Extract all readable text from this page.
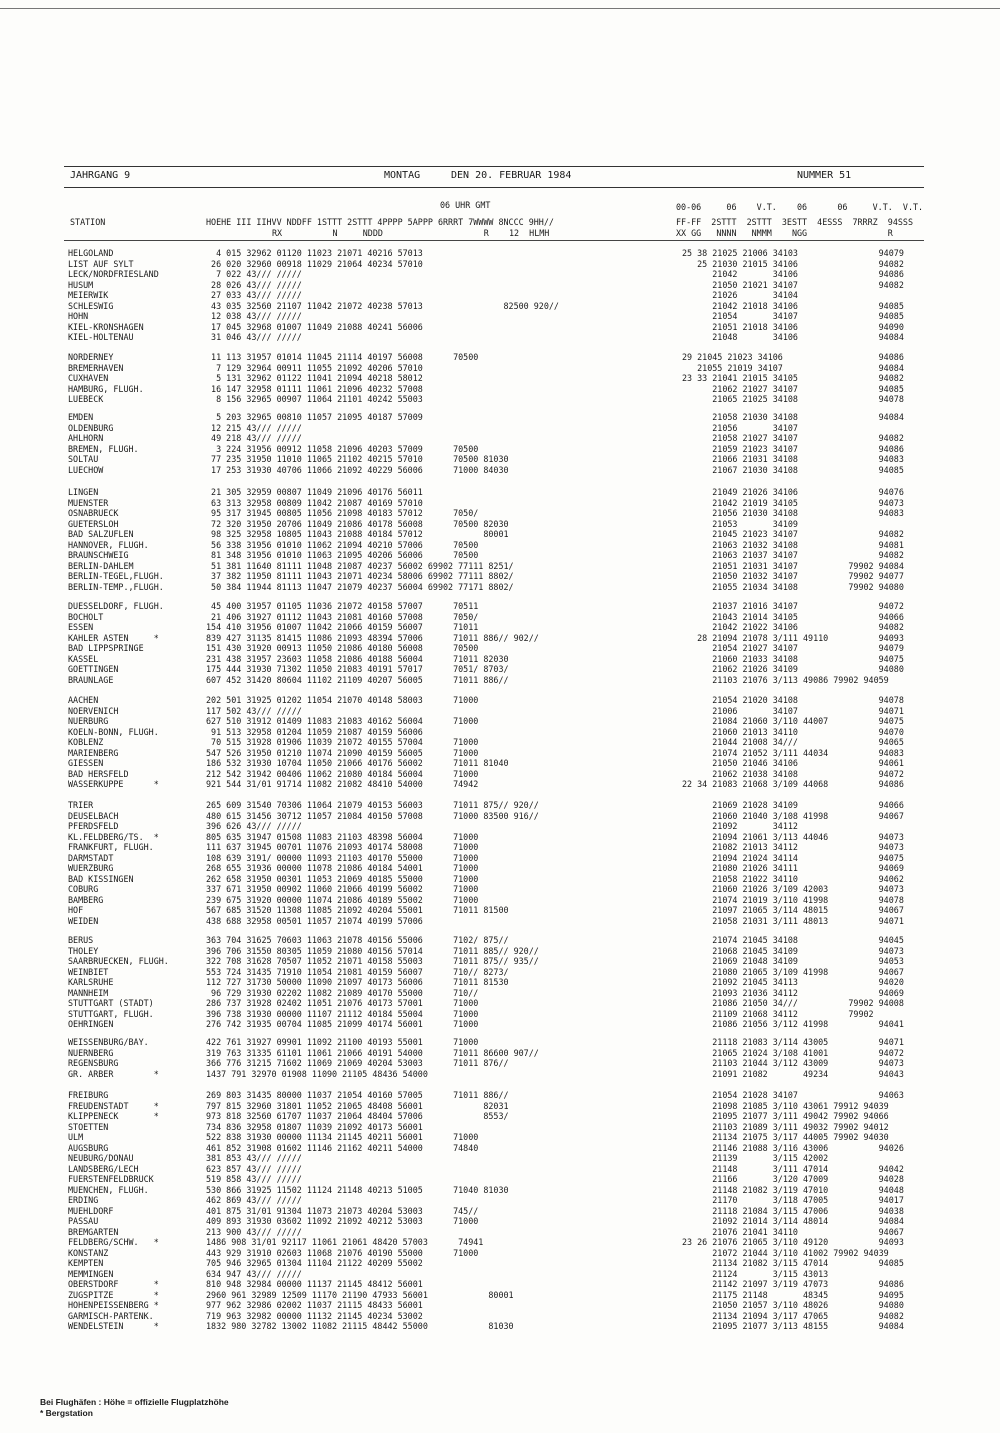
JAHRGANG 9	MONTAG	DEN 20. FEBRUAR 1984	NUMMER 51
06 UHR GMT	00-06     06    V.T.    06      06     V.T.  V.T.
STATION	HOEHE III IIHVV NDDFF 1STTT 2STTT 4PPPP 5APPP 6RRRT 7WWWW 8NCCC 9HH//	FF-FF  2STTT  2STTT  3ESTT  4ESSS  7RRRZ  94SSS
RX          N     NDDD                    R    12  HLMH	XX GG   NNNN   NMMM    NGG                R
HELGOLAND	4 015 32962 01120 11023 21071 40216 57013	25 38 21025 21006 34103                94079
LIST AUF SYLT	26 020 32960 00918 11029 21064 40234 57010	25 21030 21015 34106                94082
LECK/NORDFRIESLAND	7 022 43/// /////	21042       34106                94086
HUSUM	28 026 43/// /////	21050 21021 34107                94082
MEIERWIK	27 033 43/// /////	21026       34104
SCHLESWIG	43 035 32560 21107 11042 21072 40238 57013                82500 920//	21042 21018 34106                94085
HOHN	12 038 43/// /////	21054       34107                94085
KIEL-KRONSHAGEN	17 045 32968 01007 11049 21088 40241 56006	21051 21018 34106                94090
KIEL-HOLTENAU	31 046 43/// /////	21048       34106                94084
NORDERNEY	11 113 31957 01014 11045 21114 40197 56008      70500	29 21045 21023 34106                   94086
BREMERHAVEN	7 129 32964 00911 11055 21092 40206 57010	21055 21019 34107                   94084
CUXHAVEN	5 131 32962 01122 11041 21094 40218 58012	23 33 21041 21015 34105                94082
HAMBURG, FLUGH.	16 147 32958 01111 11061 21096 40232 57008	21062 21027 34107                94085
LUEBECK	8 156 32965 00907 11064 21101 40242 55003	21065 21025 34108                94078
EMDEN	5 203 32965 00810 11057 21095 40187 57009	21058 21030 34108                94084
OLDENBURG	12 215 43/// /////	21056       34107
AHLHORN	49 218 43/// /////	21058 21027 34107                94082
BREMEN, FLUGH.	3 224 31956 00912 11058 21096 40203 57009      70500	21059 21023 34107                94086
SOLTAU	77 235 31950 11010 11065 21102 40215 57010      70500 81030	21066 21031 34108                94083
LUECHOW	17 253 31930 40706 11066 21092 40229 56006      71000 84030	21067 21030 34108                94085
LINGEN	21 305 32959 00807 11049 21096 40176 56011	21049 21026 34106                94076
MUENSTER	63 313 32958 00809 11042 21087 40169 57010	21042 21019 34105                94073
OSNABRUECK	95 317 31945 00805 11056 21098 40183 57012      7050/	21056 21030 34108                94083
GUETERSLOH	72 320 31950 20706 11049 21086 40178 56008      70500 82030	21053       34109
BAD SALZUFLEN	98 325 32958 10805 11043 21088 40184 57012            80001	21045 21023 34107                94082
HANNOVER, FLUGH.	56 338 31956 01010 11062 21094 40210 57006      70500	21063 21032 34108                94081
BRAUNSCHWEIG	81 348 31956 01010 11063 21095 40206 56006      70500	21063 21037 34107                94082
BERLIN-DAHLEM	51 381 11640 81111 11048 21087 40237 56002 69902 77111 8251/	21051 21031 34107          79902 94084
BERLIN-TEGEL,FLUGH.	37 382 11950 81111 11043 21071 40234 58006 69902 77111 8802/	21050 21032 34107          79902 94077
BERLIN-TEMP.,FLUGH.	50 384 11944 81113 11047 21079 40237 56004 69902 77171 8802/	21055 21034 34108          79902 94080
DUESSELDORF, FLUGH.	45 400 31957 01105 11036 21072 40158 57007      70511	21037 21016 34107                94072
BOCHOLT	21 406 31927 01112 11043 21081 40160 57008      7050/	21043 21014 34105                94066
ESSEN	154 410 31956 01007 11042 21066 40159 56007      71011	21042 21022 34106                94082
KAHLER ASTEN     *	839 427 31135 81415 11086 21093 48394 57006      71011 886// 902//	28 21094 21078 3/111 49110          94093
BAD LIPPSPRINGE	151 430 31920 00913 11050 21086 40180 56008      70500	21054 21027 34107                94079
KASSEL	231 438 31957 23603 11058 21086 40188 56004      71011 82030	21060 21033 34108                94075
GOETTINGEN	175 444 31930 71302 11050 21083 40191 57017      7051/ 8703/	21062 21026 34109                94080
BRAUNLAGE	607 452 31420 80604 11102 21109 40207 56005      71011 886//	21103 21076 3/113 49086 79902 94059
AACHEN	202 501 31925 01202 11054 21070 40148 58003      71000	21054 21020 34108                94078
NOERVENICH	117 502 43/// /////	21006       34107                94071
NUERBURG	627 510 31912 01409 11083 21083 40162 56004      71000	21084 21060 3/110 44007          94075
KOELN-BONN, FLUGH.	91 513 32958 01204 11059 21087 40159 56006	21060 21013 34110                94070
KOBLENZ	70 515 31928 01906 11039 21072 40155 57004      71000	21044 21008 34///                94065
MARIENBERG	547 526 31950 01210 11074 21090 40159 56005      71000	21074 21052 3/111 44034          94083
GIESSEN	186 532 31930 10704 11050 21066 40176 56002      71011 81040	21050 21046 34106                94061
BAD HERSFELD	212 542 31942 00406 11062 21080 40184 56004      71000	21062 21038 34108                94072
WASSERKUPPE      *	921 544 31/01 91714 11082 21082 48410 54000      74942	22 34 21083 21068 3/109 44068          94086
TRIER	265 609 31540 70306 11064 21079 40153 56003      71011 875// 920//	21069 21028 34109                94066
DEUSELBACH	480 615 31456 30712 11057 21084 40150 57008      71000 83500 916//	21060 21040 3/108 41998          94067
PFERDSFELD	396 626 43/// /////	21092       34112
KL.FELDBERG/TS.  *	805 635 31947 01508 11083 21103 48398 56004      71000	21094 21061 3/113 44046          94073
FRANKFURT, FLUGH.	111 637 31945 00701 11076 21093 40174 58008      71000	21082 21013 34112                94073
DARMSTADT	108 639 3191/ 00000 11093 21103 40170 55000      71000	21094 21024 34114                94075
WUERZBURG	268 655 31936 00000 11078 21086 40184 54001      71000	21080 21026 34111                94069
BAD KISSINGEN	262 658 31950 00301 11053 21069 40185 55000      71000	21058 21022 34110                94062
COBURG	337 671 31950 00902 11060 21066 40199 56002      71000	21060 21026 3/109 42003          94073
BAMBERG	239 675 31920 00000 11074 21086 40189 55002      71000	21074 21019 3/110 41998          94078
HOF	567 685 31520 11308 11085 21092 40204 55001      71011 81500	21097 21065 3/114 48015          94067
WEIDEN	438 688 32958 00501 11057 21074 40199 57006	21058 21031 3/111 48013          94071
BERUS	363 704 31625 70603 11063 21078 40156 55006      7102/ 875//	21074 21045 34108                94045
THOLEY	396 706 31550 80305 11059 21080 40156 57014      71011 885// 920//	21068 21045 34109                94073
SAARBRUECKEN, FLUGH.	322 708 31628 70507 11052 21071 40158 55003      71011 875// 935//	21069 21048 34109                94053
WEINBIET	553 724 31435 71910 11054 21081 40159 56007      710// 8273/	21080 21065 3/109 41998          94067
KARLSRUHE	112 727 31730 50000 11090 21097 40173 56006      71011 81530	21092 21045 34113                94020
MANNHEIM	96 729 31930 02202 11082 21089 40170 55000      710//	21093 21036 34112                94069
STUTTGART (STADT)	286 737 31928 02402 11051 21076 40173 57001      71000	21086 21050 34///          79902 94008
STUTTGART, FLUGH.	396 738 31930 00000 11107 21112 40184 55004      71000	21109 21068 34112          79902
OEHRINGEN	276 742 31935 00704 11085 21099 40174 56001      71000	21086 21056 3/112 41998          94041
WEISSENBURG/BAY.	422 761 31927 09901 11092 21100 40193 55001      71000	21118 21083 3/114 43005          94071
NUERNBERG	319 763 31335 61101 11061 21066 40191 54000      71011 86600 907//	21065 21024 3/108 41001          94072
REGENSBURG	366 776 31215 71602 11069 21069 40204 53003      71011 876//	21103 21044 3/112 43009          94073
GR. ARBER        *	1437 791 32970 01908 11090 21105 48436 54000	21091 21082       49234          94043
FREIBURG	269 803 31435 80000 11037 21054 40160 57005      71011 886//	21054 21028 34107                94063
FREUDENSTADT     *	797 815 32960 31801 11052 21065 48408 56001            82031	21098 21085 3/110 43061 79912 94039
KLIPPENECK       *	973 818 32560 61707 11037 21064 48404 57006            8553/	21095 21077 3/111 49042 79902 94066
STOETTEN	734 836 32958 01807 11039 21092 40173 56001	21103 21089 3/111 49032 79902 94012
ULM	522 838 31930 00000 11134 21145 40211 56001      71000	21134 21075 3/117 44005 79902 94030
AUGSBURG	461 852 31908 01602 11146 21162 40211 54000      74840	21146 21088 3/116 43006          94026
NEUBURG/DONAU	381 853 43/// /////	21139       3/115 42002
LANDSBERG/LECH	623 857 43/// /////	21148       3/111 47014          94042
FUERSTENFELDBRUCK	519 858 43/// /////	21166       3/120 47009          94028
MUENCHEN, FLUGH.	530 866 31925 11502 11124 21148 40213 51005      71040 81030	21148 21082 3/119 47010          94048
ERDING	462 869 43/// /////	21170       3/118 47005          94017
MUEHLDORF	401 875 31/01 91304 11073 21073 40204 53003      745//	21118 21084 3/115 47006          94038
PASSAU	409 893 31930 03602 11092 21092 40212 53003      71000	21092 21014 3/114 48014          94084
BREMGARTEN	213 900 43/// /////	21076 21041 34110                94067
FELDBERG/SCHW.   *	1486 908 31/01 92117 11061 21061 48420 57003      74941	23 26 21076 21065 3/110 49120          94093
KONSTANZ	443 929 31910 02603 11068 21076 40190 55000      71000	21072 21044 3/110 41002 79902 94039
KEMPTEN	705 946 32965 01304 11104 21122 40209 55002	21134 21082 3/115 47014          94085
MEMMINGEN	634 947 43/// /////	21124       3/115 43013
OBERSTDORF       *	810 948 32984 00000 11137 21145 48412 56001	21142 21097 3/119 47073          94086
ZUGSPITZE        *	2960 961 32989 12509 11170 21190 47933 56001            80001	21175 21148       48345          94095
HOHENPEISSENBERG *	977 962 32986 02002 11037 21115 48433 56001	21050 21057 3/110 48026          94080
GARMISCH-PARTENK.	719 963 32982 00000 11132 21145 40234 53002	21134 21094 3/117 47065          94082
WENDELSTEIN      *	1832 980 32782 13002 11082 21115 48442 55000            81030	21095 21077 3/113 48155          94084
Bei Flughäfen : Höhe = offizielle Flugplatzhöhe
* Bergstation
